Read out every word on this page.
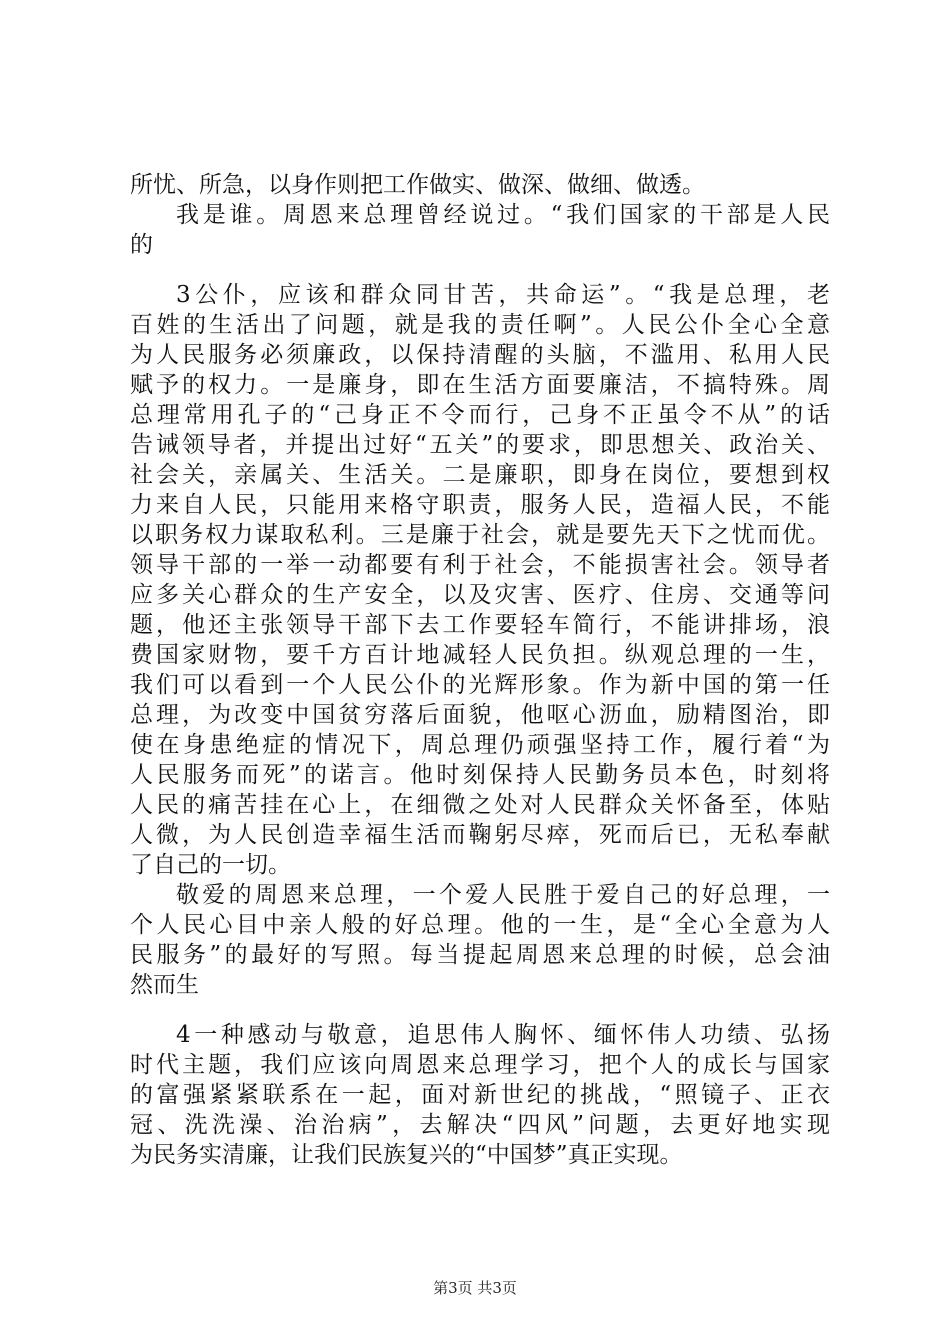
所忧、所急，以身作则把工作做实、做深、做细、做透。
我是谁。周恩来总理曾经说过。“我们国家的干部是人民
的
3公仆，应该和群众同甘苦，共命运”。“我是总理，老
百姓的生活出了问题，就是我的责任啊”。人民公仆全心全意
为人民服务必须廉政，以保持清醒的头脑，不滥用、私用人民
赋予的权力。一是廉身，即在生活方面要廉洁，不搞特殊。周
总理常用孔子的“己身正不令而行，己身不正虽令不从”的话
告诫领导者，并提出过好“五关”的要求，即思想关、政治关、
社会关，亲属关、生活关。二是廉职，即身在岗位，要想到权
力来自人民，只能用来格守职责，服务人民，造福人民，不能
以职务权力谋取私利。三是廉于社会，就是要先天下之忧而优。
领导干部的一举一动都要有利于社会，不能损害社会。领导者
应多关心群众的生产安全，以及灾害、医疗、住房、交通等问
题，他还主张领导干部下去工作要轻车简行，不能讲排场，浪
费国家财物，要千方百计地减轻人民负担。纵观总理的一生，
我们可以看到一个人民公仆的光辉形象。作为新中国的第一任
总理，为改变中国贫穷落后面貌，他呕心沥血，励精图治，即
使在身患绝症的情况下，周总理仍顽强坚持工作，履行着“为
人民服务而死”的诺言。他时刻保持人民勤务员本色，时刻将
人民的痛苦挂在心上，在细微之处对人民群众关怀备至，体贴
人微，为人民创造幸福生活而鞠躬尽瘁，死而后已，无私奉献
了自己的一切。
敬爱的周恩来总理，一个爱人民胜于爱自己的好总理，一
个人民心目中亲人般的好总理。他的一生，是“全心全意为人
民服务”的最好的写照。每当提起周恩来总理的时候，总会油
然而生
4一种感动与敬意，追思伟人胸怀、缅怀伟人功绩、弘扬
时代主题，我们应该向周恩来总理学习，把个人的成长与国家
的富强紧紧联系在一起，面对新世纪的挑战，“照镜子、正衣
冠、洗洗澡、治治病”，去解决“四风”问题，去更好地实现
为民务实清廉，让我们民族复兴的“中国梦”真正实现。
第3页 共3页
